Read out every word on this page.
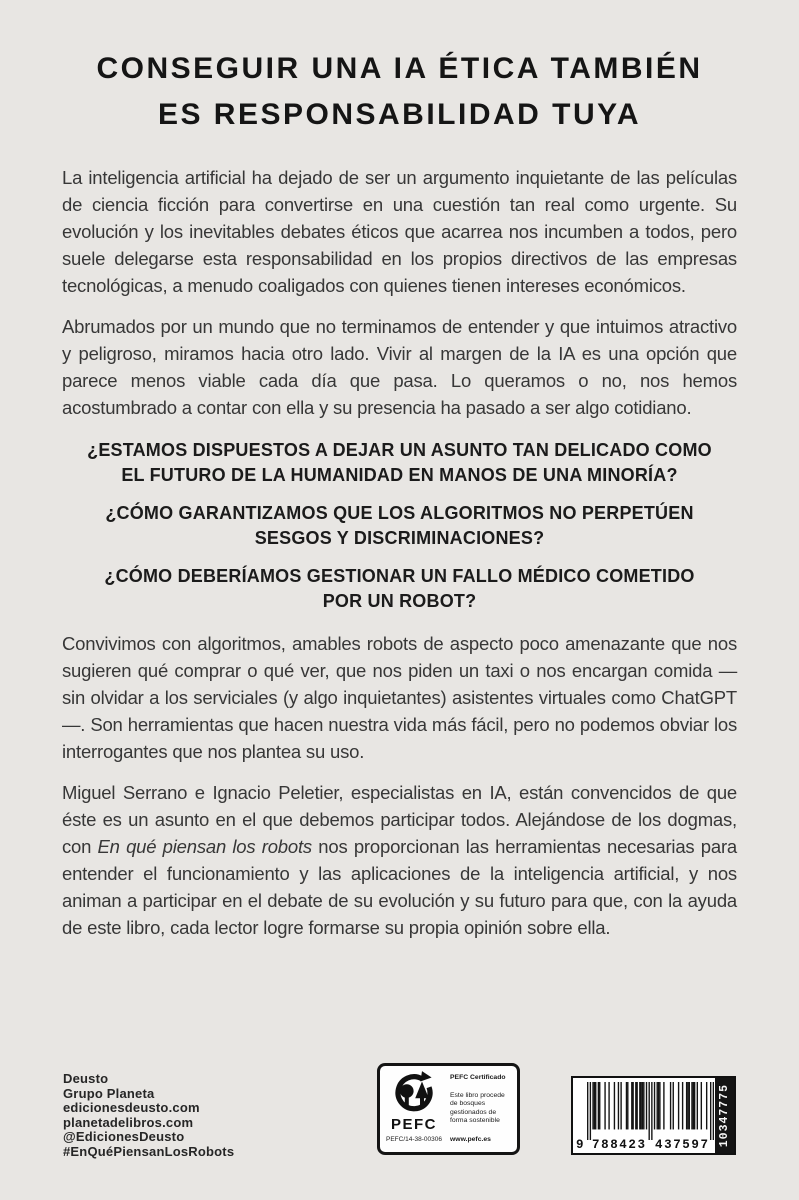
CONSEGUIR UNA IA ÉTICA TAMBIÉN
ES RESPONSABILIDAD TUYA

La inteligencia artificial ha dejado de ser un argumento inquietante de las películas de ciencia ficción para convertirse en una cuestión tan real como urgente. Su evolución y los inevitables debates éticos que acarrea nos incumben a todos, pero suele delegarse esta responsabilidad en los propios directivos de las empresas tecnológicas, a menudo coaligados con quienes tienen intereses económicos.

Abrumados por un mundo que no terminamos de entender y que intuimos atractivo y peligroso, miramos hacia otro lado. Vivir al margen de la IA es una opción que parece menos viable cada día que pasa. Lo queramos o no, nos hemos acostumbrado a contar con ella y su presencia ha pasado a ser algo cotidiano.

¿ESTAMOS DISPUESTOS A DEJAR UN ASUNTO TAN DELICADO COMO
EL FUTURO DE LA HUMANIDAD EN MANOS DE UNA MINORÍA?
¿CÓMO GARANTIZAMOS QUE LOS ALGORITMOS NO PERPETÚEN
SESGOS Y DISCRIMINACIONES?
¿CÓMO DEBERÍAMOS GESTIONAR UN FALLO MÉDICO COMETIDO
POR UN ROBOT?

Convivimos con algoritmos, amables robots de aspecto poco amenazante que nos sugieren qué comprar o qué ver, que nos piden un taxi o nos encargan comida —sin olvidar a los serviciales (y algo inquietantes) asistentes virtuales como ChatGPT—. Son herramientas que hacen nuestra vida más fácil, pero no podemos obviar los interrogantes que nos plantea su uso.

Miguel Serrano e Ignacio Peletier, especialistas en IA, están convencidos de que éste es un asunto en el que debemos participar todos. Alejándose de los dogmas, con En qué piensan los robots nos proporcionan las herramientas necesarias para entender el funcionamiento y las aplicaciones de la inteligencia artificial, y nos animan a participar en el debate de su evolución y su futuro para que, con la ayuda de este libro, cada lector logre formarse su propia opinión sobre ella.

Deusto
Grupo Planeta
edicionesdeusto.com
planetadelibros.com
@EdicionesDeusto
#EnQuéPiensanLosRobots
PEFC
PEFC/14-38-00306
PEFC Certificado
Este libro procede de bosques gestionados de forma sostenible
www.pefc.es	9 788423 437597 10347775
